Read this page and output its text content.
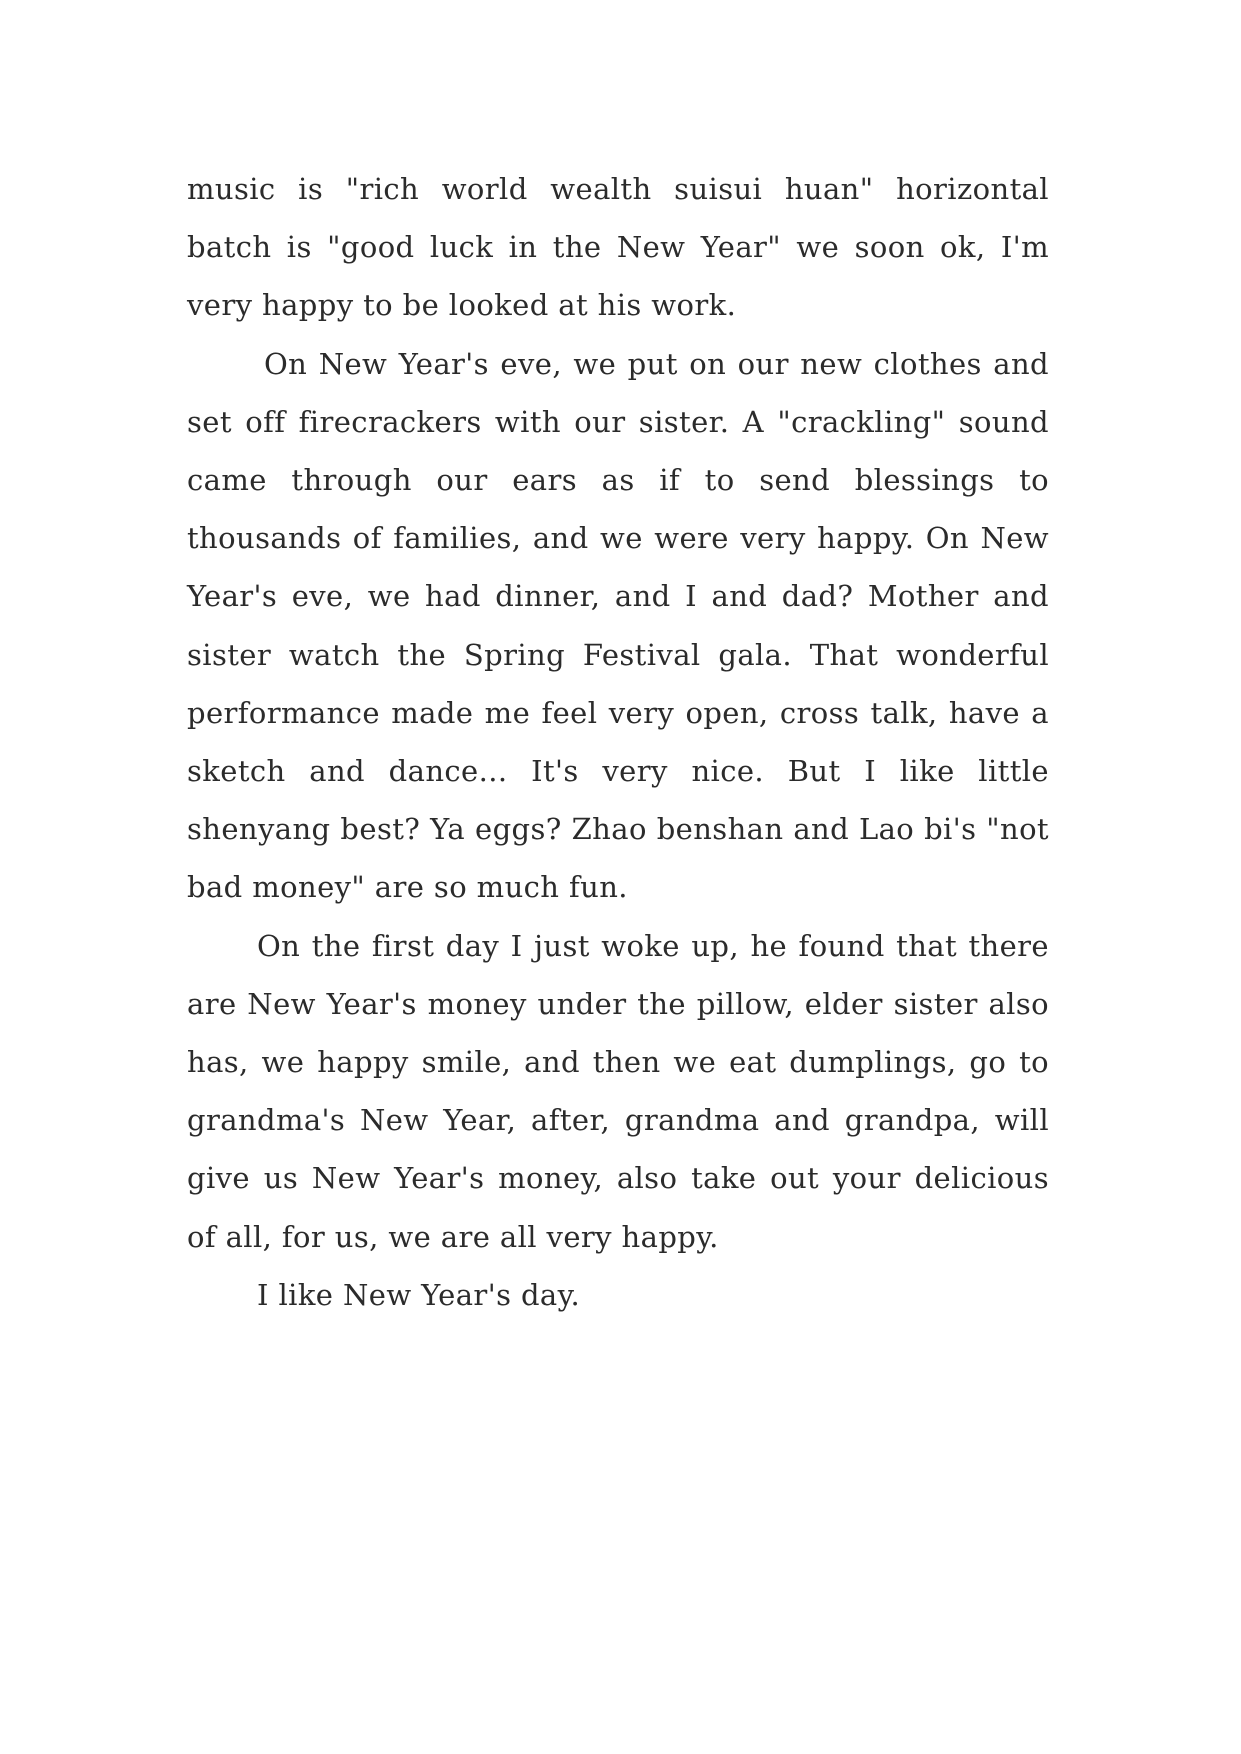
music is "rich world wealth suisui huan" horizontal batch is "good luck in the New Year" we soon ok, I'm very happy to be looked at his work.

On New Year's eve, we put on our new clothes and set off firecrackers with our sister. A "crackling" sound came through our ears as if to send blessings to thousands of families, and we were very happy. On New Year's eve, we had dinner, and I and dad? Mother and sister watch the Spring Festival gala. That wonderful performance made me feel very open, cross talk, have a sketch and dance... It's very nice. But I like little shenyang best? Ya eggs? Zhao benshan and Lao bi's "not bad money" are so much fun.

On the first day I just woke up, he found that there are New Year's money under the pillow, elder sister also has, we happy smile, and then we eat dumplings, go to grandma's New Year, after, grandma and grandpa, will give us New Year's money, also take out your delicious of all, for us, we are all very happy.

I like New Year's day.
